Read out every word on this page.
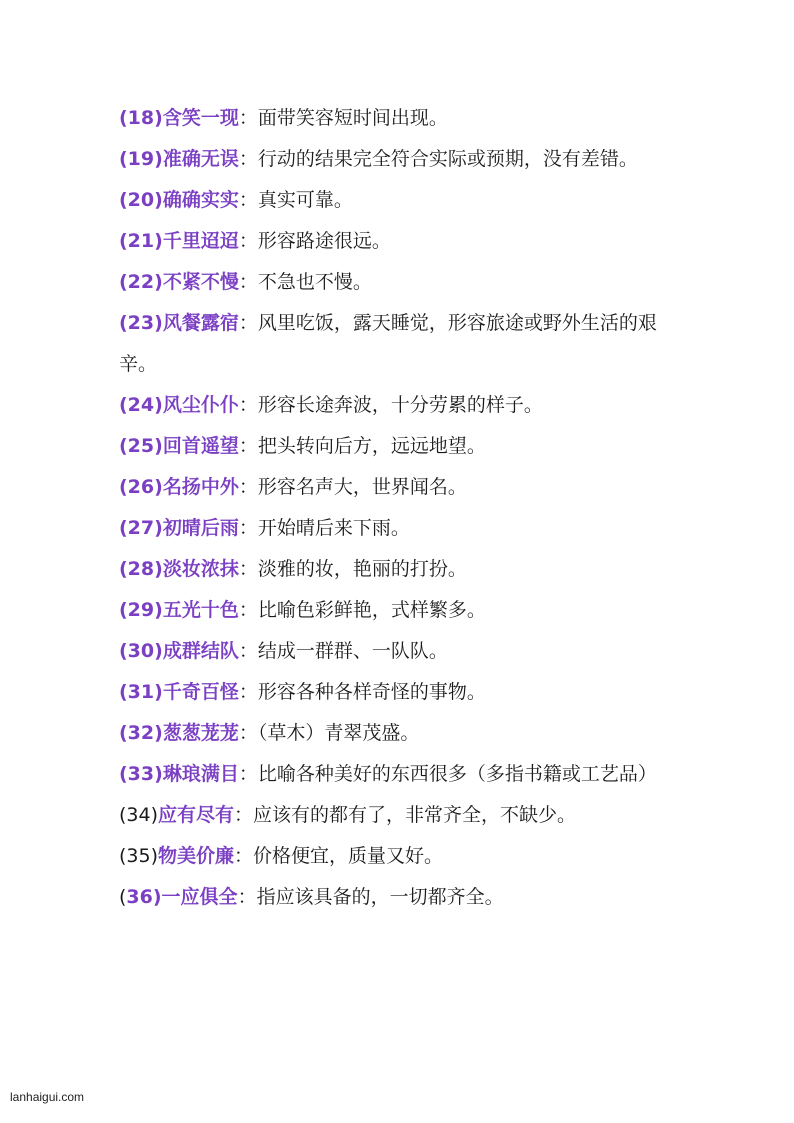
(18)含笑一现：面带笑容短时间出现。

(19)准确无误：行动的结果完全符合实际或预期，没有差错。

(20)确确实实：真实可靠。

(21)千里迢迢：形容路途很远。

(22)不紧不慢：不急也不慢。

(23)风餐露宿：风里吃饭，露天睡觉，形容旅途或野外生活的艰辛。

(24)风尘仆仆：形容长途奔波，十分劳累的样子。

(25)回首遥望：把头转向后方，远远地望。

(26)名扬中外：形容名声大，世界闻名。

(27)初晴后雨：开始晴后来下雨。

(28)淡妆浓抹：淡雅的妆，艳丽的打扮。

(29)五光十色：比喻色彩鲜艳，式样繁多。

(30)成群结队：结成一群群、一队队。

(31)千奇百怪：形容各种各样奇怪的事物。

(32)葱葱茏茏：（草木）青翠茂盛。

(33)琳琅满目：比喻各种美好的东西很多（多指书籍或工艺品）

(34)应有尽有：应该有的都有了，非常齐全，不缺少。

(35)物美价廉：价格便宜，质量又好。

(36)一应俱全：指应该具备的，一切都齐全。

lanhaigui.com
